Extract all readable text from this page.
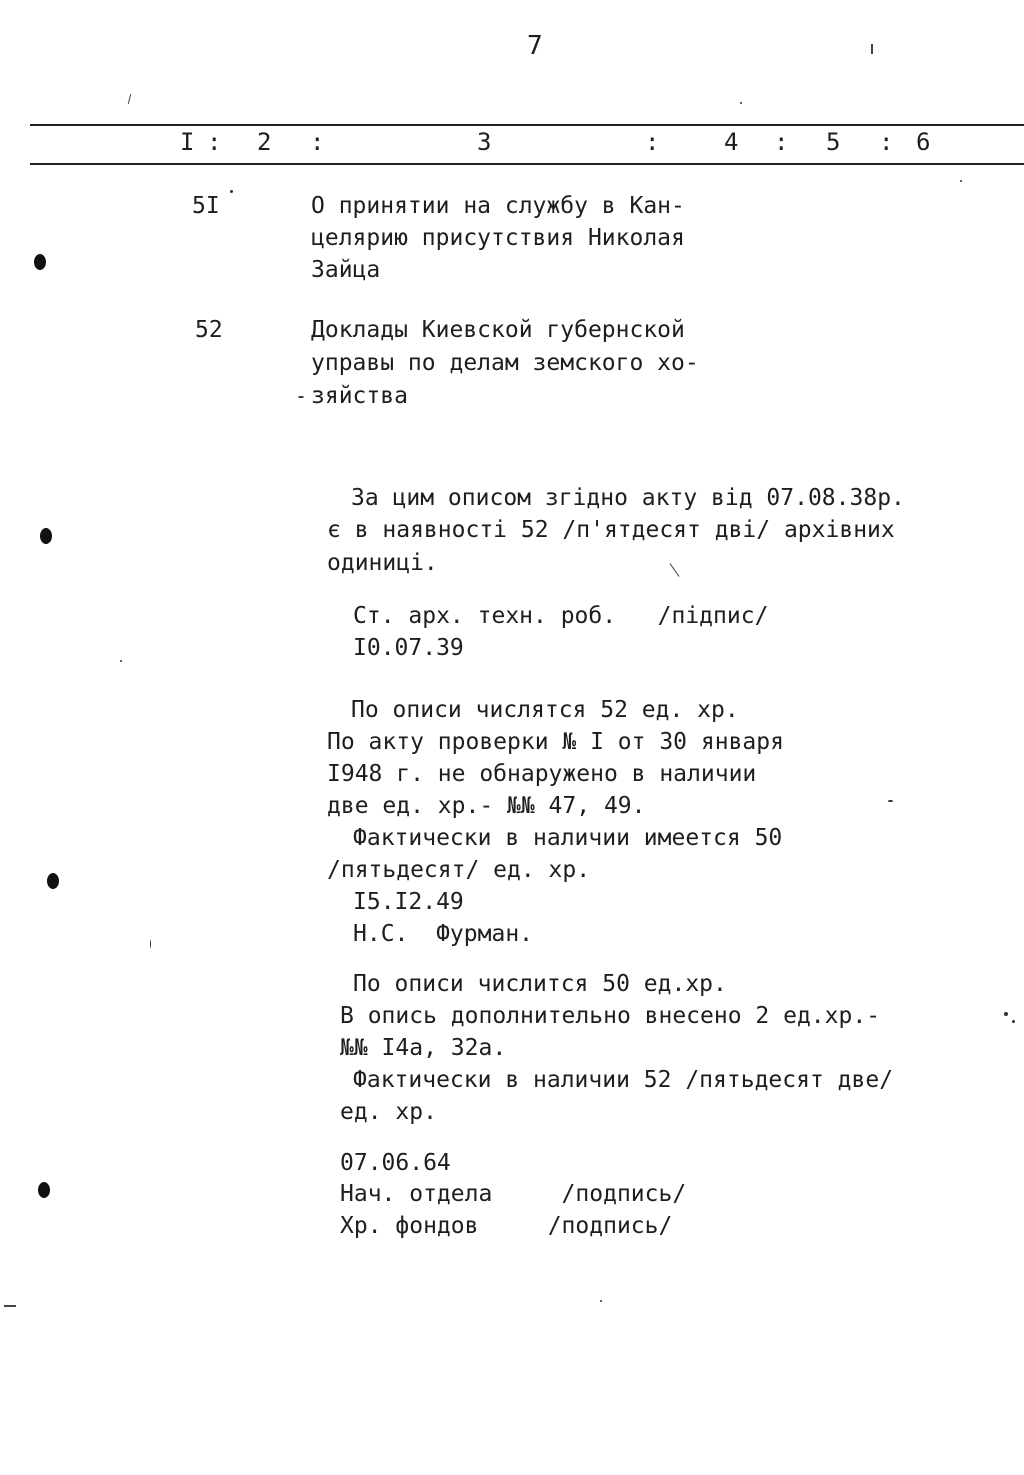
7
I : 2 :	3	:	4 : 5 : 6
5I	О принятии на службу в Кан-
целярию присутствия Николая
Зайца
52	Доклады Киевской губернской
управы по делам земского хо-
зяйства
За цим описом згідно акту від 07.08.38р.
є в наявності 52 /п'ятдесят дві/ архівних
одиниці.
Ст. арх. техн. роб.   /підпис/
I0.07.39
По описи числятся 52 ед. хр.
По акту проверки № I от 30 января
I948 г. не обнаружено в наличии
две ед. хр.- №№ 47, 49.
Фактически в наличии имеется 50
/пятьдесят/ ед. хр.
I5.I2.49
Н.С.  Фурман.
По описи числится 50 ед.хр.
В опись дополнительно внесено 2 ед.хр.-
№№ I4а, 32а.
Фактически в наличии 52 /пятьдесят две/
ед. хр.
07.06.64
Нач. отдела     /подпись/
Хр. фондов     /подпись/
